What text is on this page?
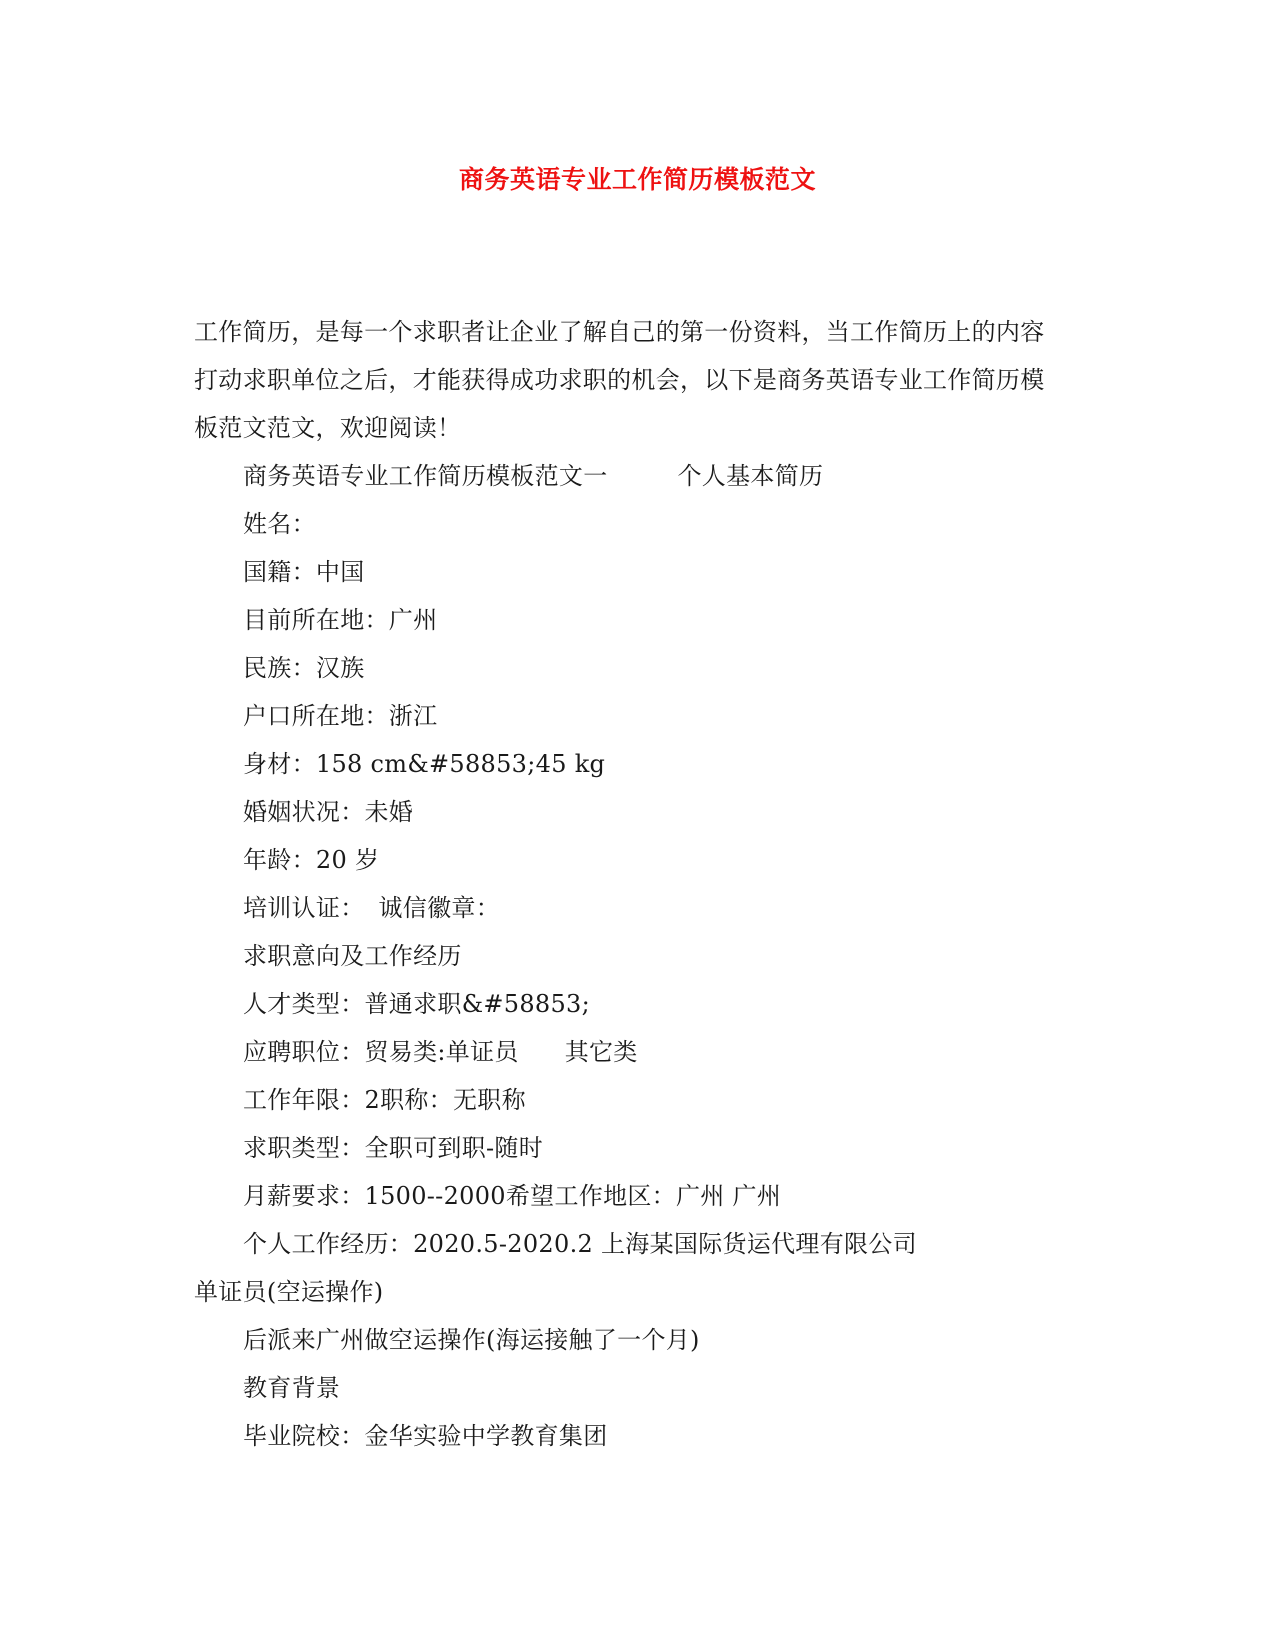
商务英语专业工作简历模板范文

工作简历，是每一个求职者让企业了解自己的第一份资料，当工作简历上的内容

打动求职单位之后，才能获得成功求职的机会，以下是商务英语专业工作简历模

板范文范文，欢迎阅读！

商务英语专业工作简历模板范文一	个人基本简历
姓名：
国籍：中国
目前所在地：广州
民族：汉族
户口所在地：浙江
身材：158 cm&#58853;45 kg
婚姻状况：未婚
年龄：20 岁
培训认证： 诚信徽章：
求职意向及工作经历
人才类型：普通求职&#58853;
应聘职位：贸易类:单证员 其它类
工作年限：2职称：无职称
求职类型：全职可到职-随时
月薪要求：1500--2000希望工作地区：广州 广州
个人工作经历：2020.5-2020.2 上海某国际货运代理有限公司
单证员(空运操作)
后派来广州做空运操作(海运接触了一个月)
教育背景
毕业院校：金华实验中学教育集团
